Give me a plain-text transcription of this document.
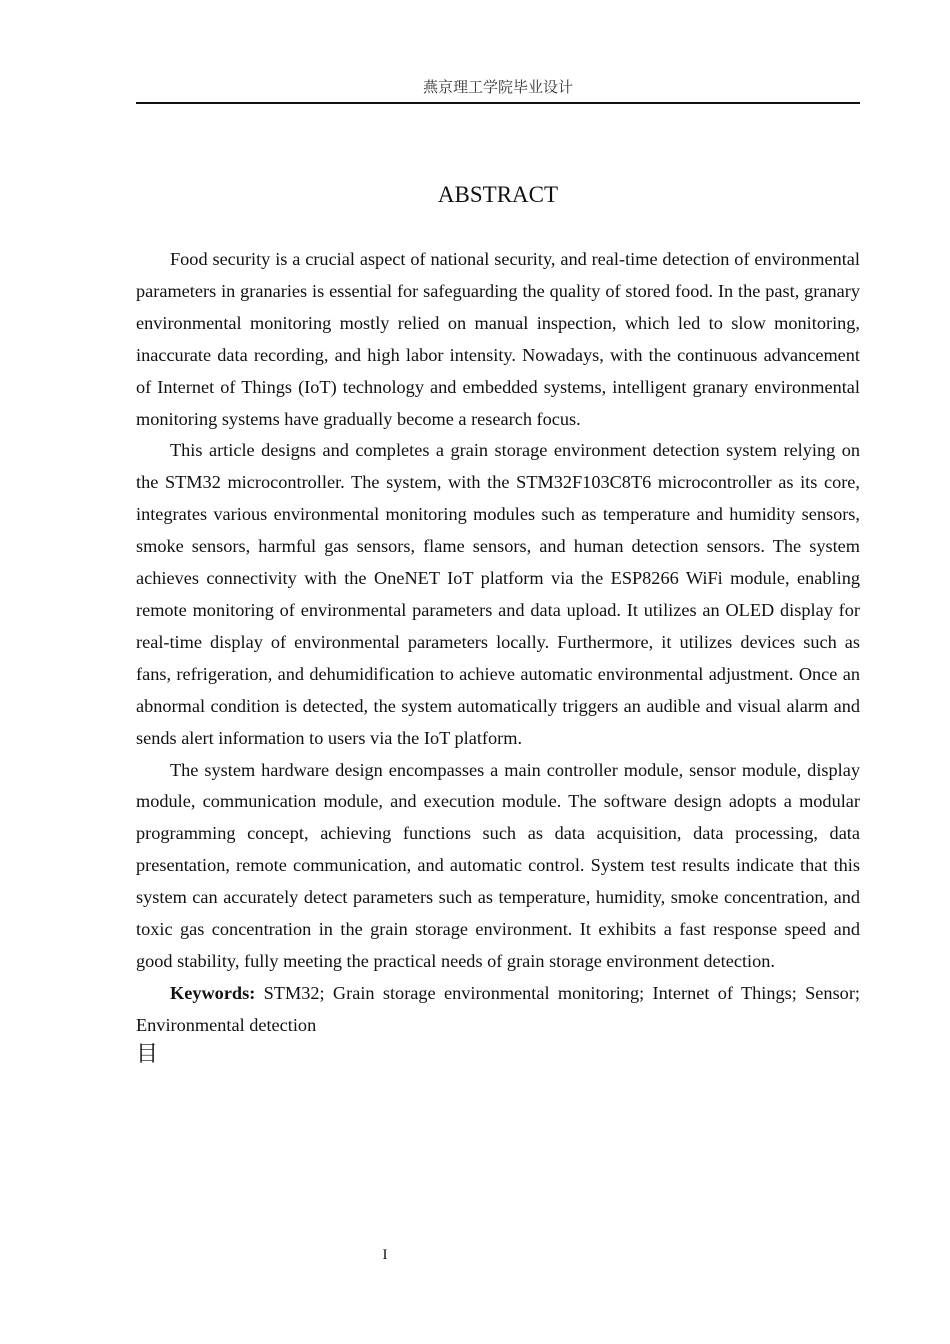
燕京理工学院毕业设计
ABSTRACT

Food security is a crucial aspect of national security, and real-time detection of environmental parameters in granaries is essential for safeguarding the quality of stored food. In the past, granary environmental monitoring mostly relied on manual inspection, which led to slow monitoring, inaccurate data recording, and high labor intensity. Nowadays, with the continuous advancement of Internet of Things (IoT) technology and embedded systems, intelligent granary environmental monitoring systems have gradually become a research focus.

This article designs and completes a grain storage environment detection system relying on the STM32 microcontroller. The system, with the STM32F103C8T6 microcontroller as its core, integrates various environmental monitoring modules such as temperature and humidity sensors, smoke sensors, harmful gas sensors, flame sensors, and human detection sensors. The system achieves connectivity with the OneNET IoT platform via the ESP8266 WiFi module, enabling remote monitoring of environmental parameters and data upload. It utilizes an OLED display for real-time display of environmental parameters locally. Furthermore, it utilizes devices such as fans, refrigeration, and dehumidification to achieve automatic environmental adjustment. Once an abnormal condition is detected, the system automatically triggers an audible and visual alarm and sends alert information to users via the IoT platform.

The system hardware design encompasses a main controller module, sensor module, display module, communication module, and execution module. The software design adopts a modular programming concept, achieving functions such as data acquisition, data processing, data presentation, remote communication, and automatic control. System test results indicate that this system can accurately detect parameters such as temperature, humidity, smoke concentration, and toxic gas concentration in the grain storage environment. It exhibits a fast response speed and good stability, fully meeting the practical needs of grain storage environment detection.

Keywords: STM32; Grain storage environmental monitoring; Internet of Things; Sensor; Environmental detection

目
I
